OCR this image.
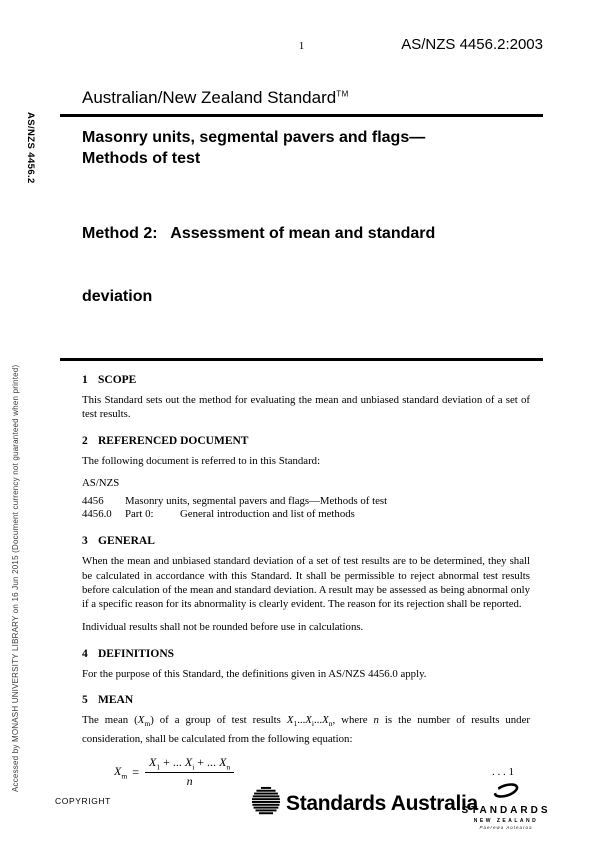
AS/NZS 4456.2
Accessed by MONASH UNIVERSITY LIBRARY on 16 Jun 2015 (Document currency not guaranteed when printed)
1	AS/NZS 4456.2:2003
Australian/New Zealand Standard™
Masonry units, segmental pavers and flags—
Methods of test

Method 2:   Assessment of mean and standard

deviation

1 SCOPE

This Standard sets out the method for evaluating the mean and unbiased standard deviation of a set of test results.

2 REFERENCED DOCUMENT

The following document is referred to in this Standard:

AS/NZS
4456	Masonry units, segmental pavers and flags—Methods of test
4456.0	Part 0:	General introduction and list of methods
3 GENERAL

When the mean and unbiased standard deviation of a set of test results are to be determined, they shall be calculated in accordance with this Standard. It shall be permissible to reject abnormal test results before calculation of the mean and standard deviation. A result may be assessed as being abnormal only if a specific reason for its abnormality is clearly evident. The reason for its rejection shall be reported.

Individual results shall not be rounded before use in calculations.

4 DEFINITIONS

For the purpose of this Standard, the definitions given in AS/NZS 4456.0 apply.

5 MEAN

The mean $(X_m)$ of a group of test results $X_1...X_i...X_n$, where n is the number of results under consideration, shall be calculated from the following equation:

$X_m = \frac{X_1 + ... X_i + ... X_n}{n}$	. . . 1
COPYRIGHT	Standards Australia
STANDARDS
NEW ZEALAND
Paerewa Aotearoa
